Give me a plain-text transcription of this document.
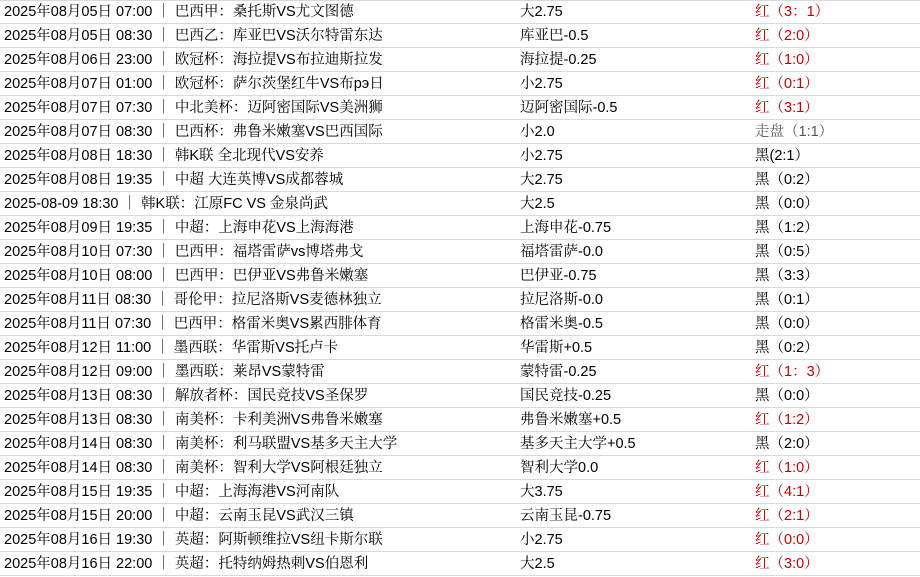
2025年08月05日 07:00 ｜ 巴西甲：桑托斯VS尤文图德	大2.75	红（3：1）
2025年08月05日 08:30 ｜ 巴西乙：库亚巴VS沃尔特雷东达	库亚巴-0.5	红（2:0）
2025年08月06日 23:00 ｜ 欧冠杯：海拉提VS布拉迪斯拉发	海拉提-0.25	红（1:0）
2025年08月07日 01:00 ｜ 欧冠杯：萨尔茨堡红牛VS布рэ日	小2.75	红（0:1）
2025年08月07日 07:30 ｜ 中北美杯：迈阿密国际VS美洲狮	迈阿密国际-0.5	红（3:1）
2025年08月07日 08:30 ｜ 巴西杯：弗鲁米嫩塞VS巴西国际	小2.0	走盘（1:1）
2025年08月08日 18:30 ｜ 韩K联 全北现代VS安养	小2.75	黑(2:1）
2025年08月08日 19:35 ｜ 中超 大连英博VS成都蓉城	大2.75	黑（0:2）
2025-08-09 18:30 ｜ 韩K联：江原FC VS 金泉尚武	大2.5	黑（0:0）
2025年08月09日 19:35 ｜ 中超：上海申花VS上海海港	上海申花-0.75	黑（1:2）
2025年08月10日 07:30 ｜ 巴西甲：福塔雷萨vs博塔弗戈	福塔雷萨-0.0	黑（0:5）
2025年08月10日 08:00 ｜ 巴西甲：巴伊亚VS弗鲁米嫩塞	巴伊亚-0.75	黑（3:3）
2025年08月11日 08:30 ｜ 哥伦甲：拉尼洛斯VS麦德林独立	拉尼洛斯-0.0	黑（0:1）
2025年08月11日 07:30 ｜ 巴西甲：格雷米奥VS累西腓体育	格雷米奥-0.5	黑（0:0）
2025年08月12日 11:00 ｜ 墨西联：华雷斯VS托卢卡	华雷斯+0.5	黑（0:2）
2025年08月12日 09:00 ｜ 墨西联：莱昂VS蒙特雷	蒙特雷-0.25	红（1：3）
2025年08月13日 08:30 ｜ 解放者杯：国民竞技VS圣保罗	国民竞技-0.25	黑（0:0）
2025年08月13日 08:30 ｜ 南美杯：卡利美洲VS弗鲁米嫩塞	弗鲁米嫩塞+0.5	红（1:2）
2025年08月14日 08:30 ｜ 南美杯：利马联盟VS基多天主大学	基多天主大学+0.5	黑（2:0）
2025年08月14日 08:30 ｜ 南美杯：智利大学VS阿根廷独立	智利大学0.0	红（1:0）
2025年08月15日 19:35 ｜ 中超：上海海港VS河南队	大3.75	红（4:1）
2025年08月15日 20:00 ｜ 中超：云南玉昆VS武汉三镇	云南玉昆-0.75	红（2:1）
2025年08月16日 19:30 ｜ 英超：阿斯顿维拉VS纽卡斯尔联	小2.75	红（0:0）
2025年08月16日 22:00 ｜ 英超：托特纳姆热刺VS伯恩利	大2.5	红（3:0）
